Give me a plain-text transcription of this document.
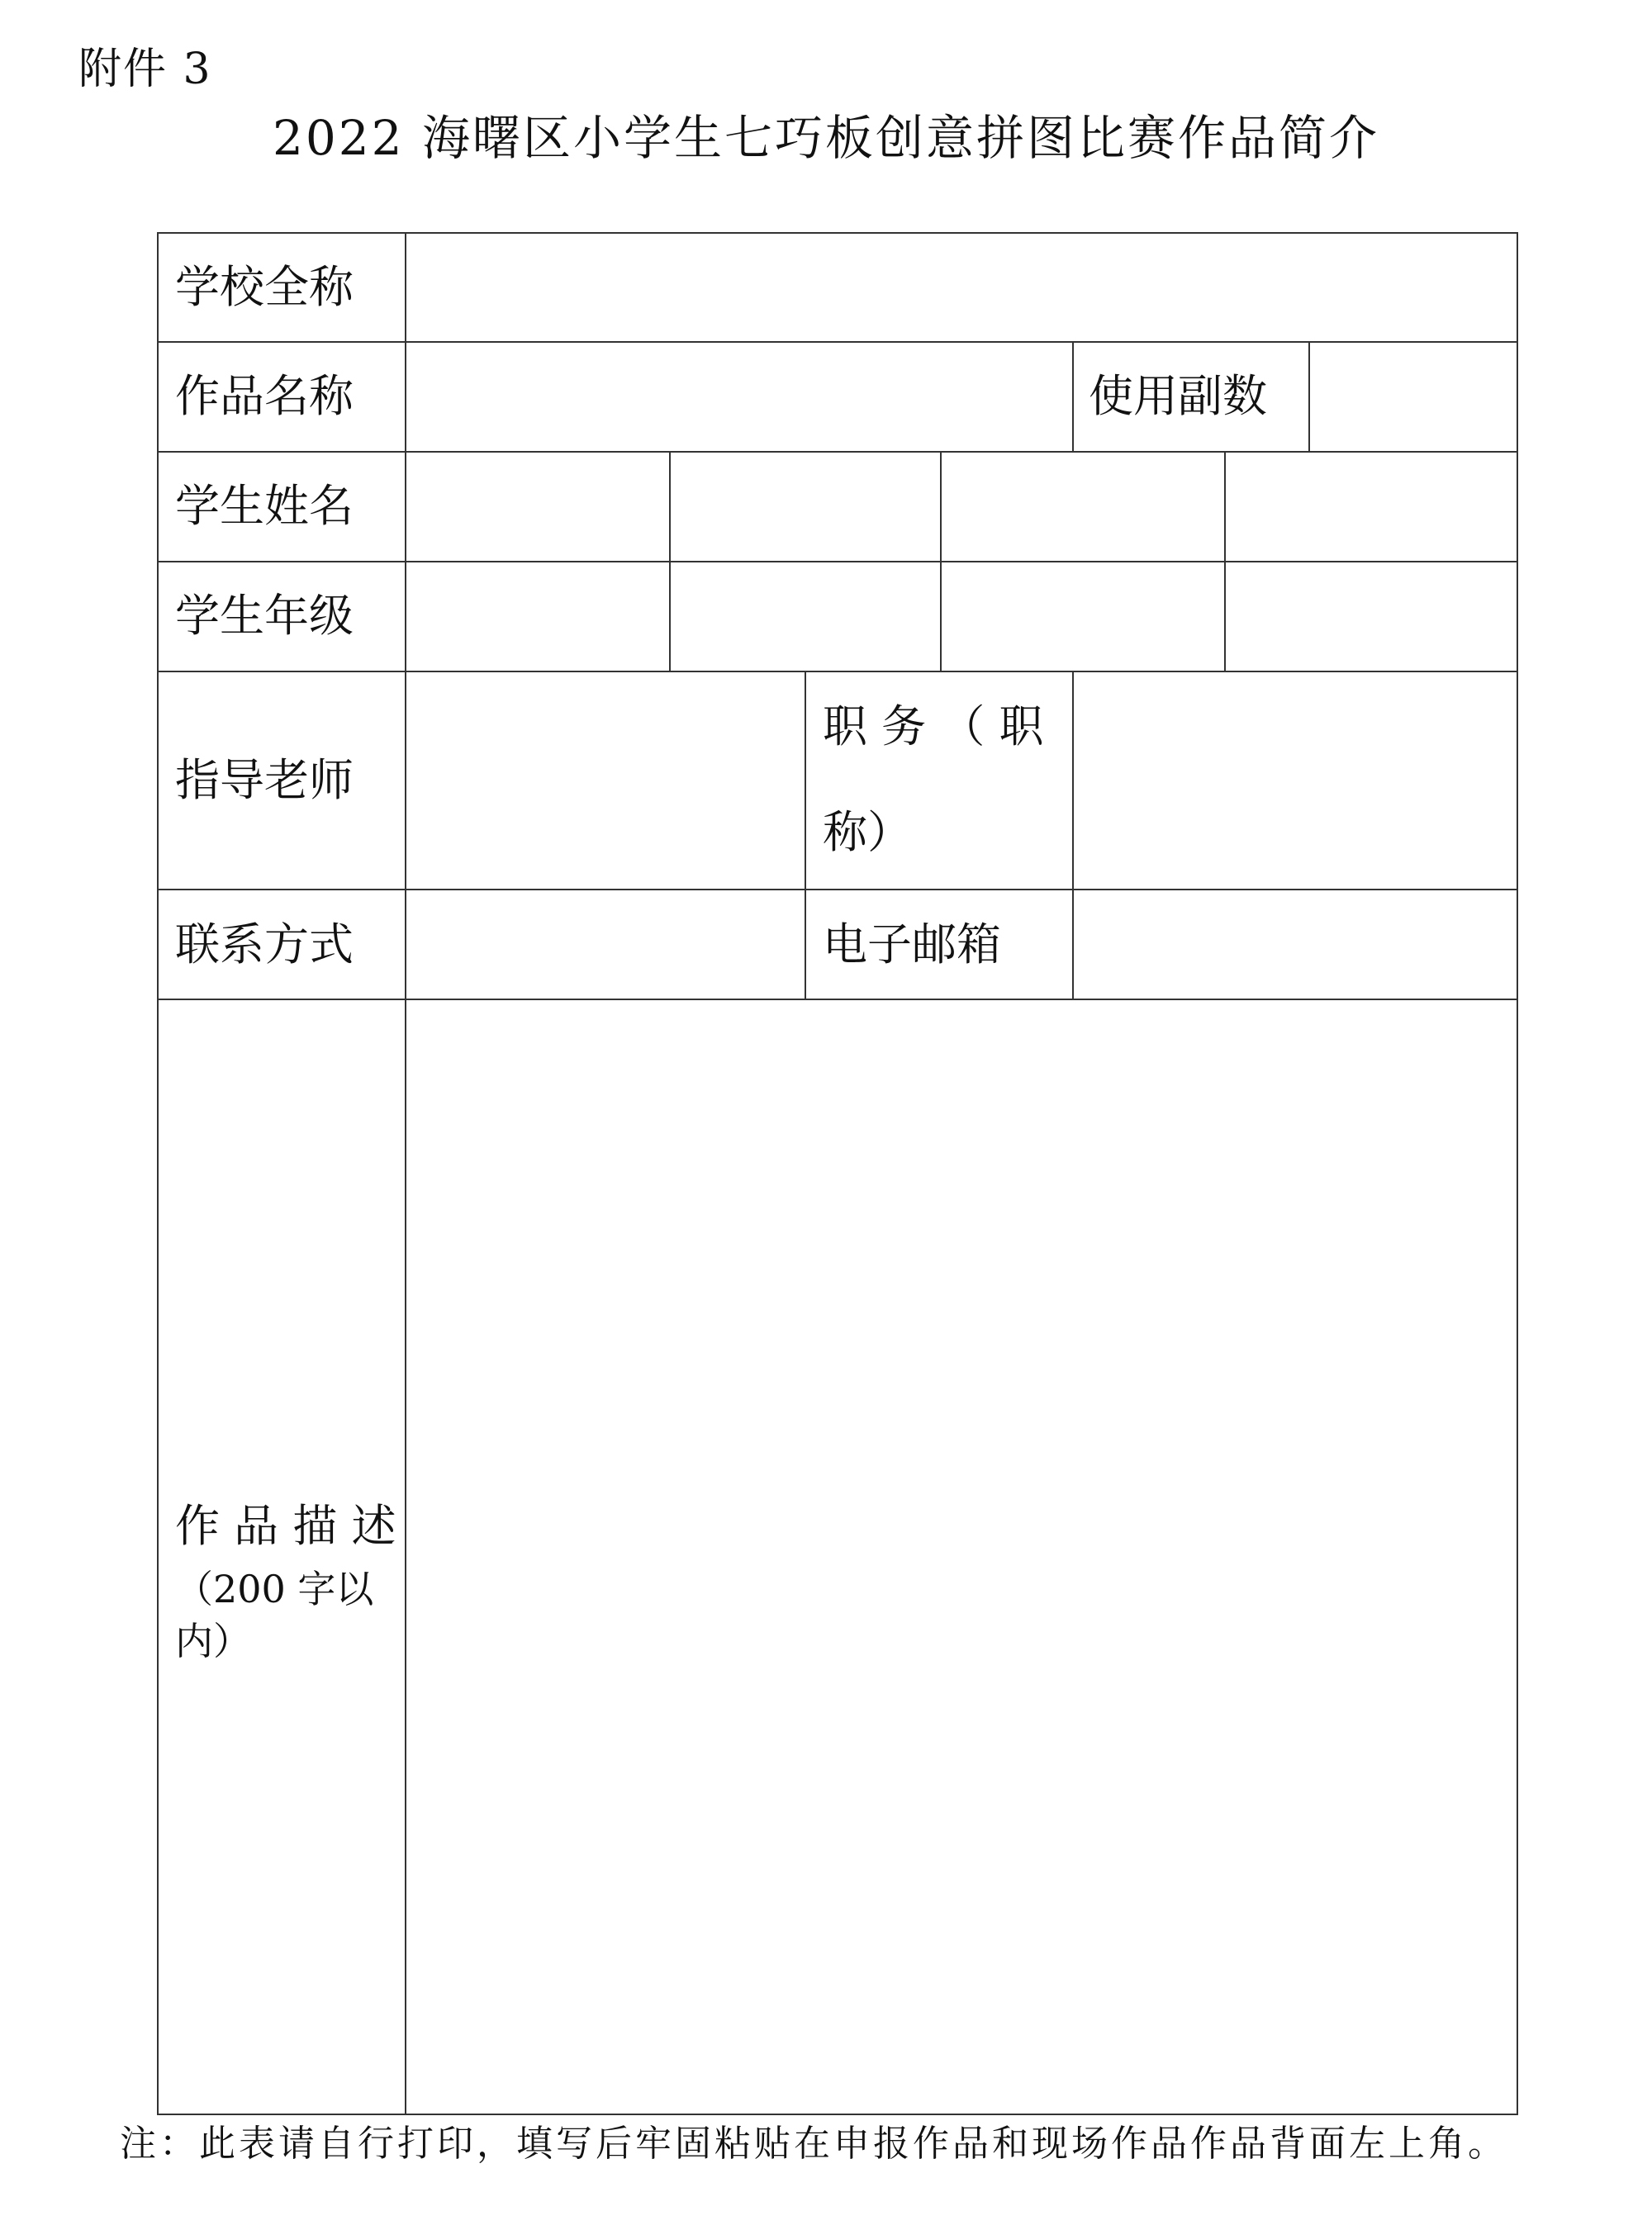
附件 3
2022 海曙区小学生七巧板创意拼图比赛作品简介
学校全称
作品名称	使用副数
学生姓名
学生年级
指导老师
职 务 （ 职
称）
联系方式	电子邮箱
作 品 描 述
（200 字以
内）
注：此表请自行打印，填写后牢固粘贴在申报作品和现场作品作品背面左上角。
